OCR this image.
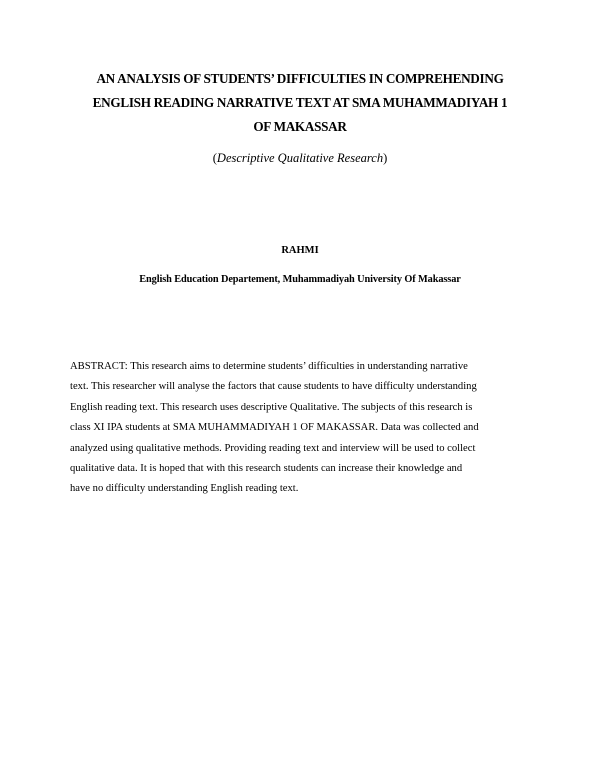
AN ANALYSIS OF STUDENTS’ DIFFICULTIES IN COMPREHENDING
ENGLISH READING NARRATIVE TEXT AT SMA MUHAMMADIYAH 1
OF MAKASSAR
(Descriptive Qualitative Research)
RAHMI
English Education Departement, Muhammadiyah University Of Makassar
ABSTRACT: This research aims to determine students’ difficulties in understanding narrative
text. This researcher will analyse the factors that cause students to have difficulty understanding
English reading text. This research uses descriptive Qualitative. The subjects of this research is
class XI IPA students at SMA MUHAMMADIYAH 1 OF MAKASSAR. Data was collected and
analyzed using qualitative methods. Providing reading text and interview will be used to collect
qualitative data. It is hoped that with this research students can increase their knowledge and
have no difficulty understanding English reading text.
